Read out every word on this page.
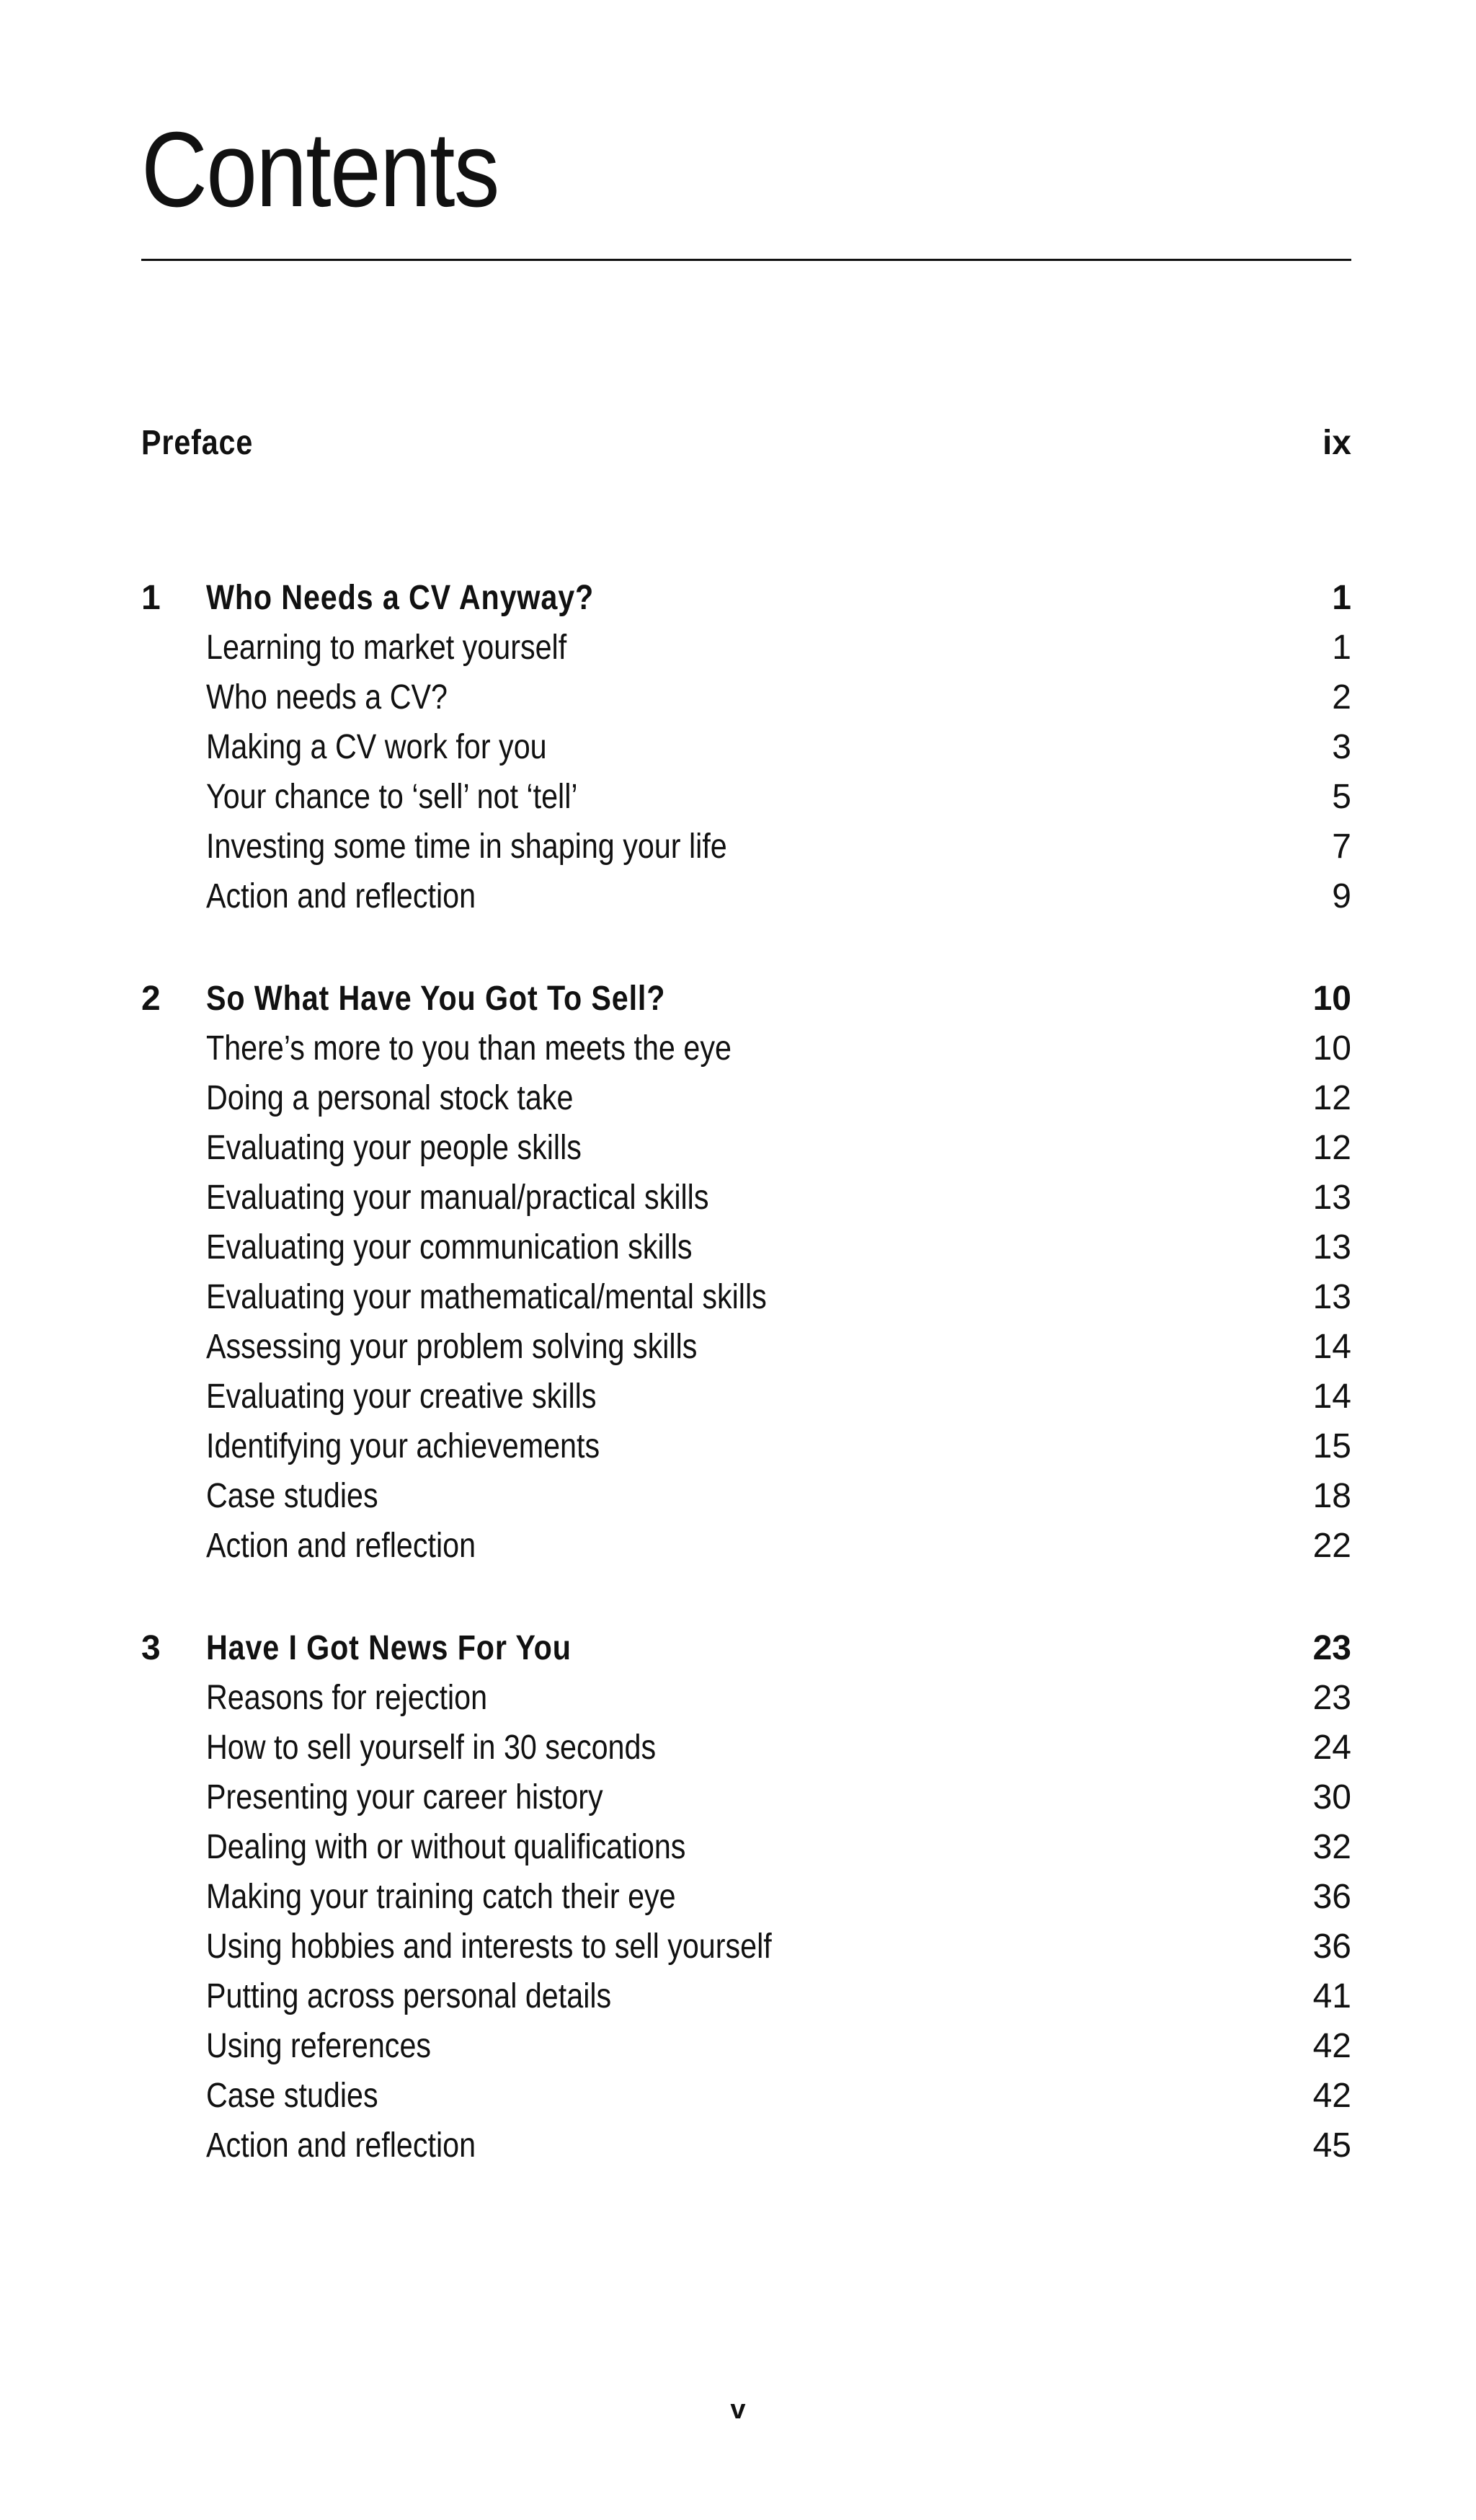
Contents
Preface	ix
1 Who Needs a CV Anyway?	1
Learning to market yourself	1
Who needs a CV?	2
Making a CV work for you	3
Your chance to ‘sell’ not ‘tell’	5
Investing some time in shaping your life	7
Action and reflection	9
2 So What Have You Got To Sell?	10
There’s more to you than meets the eye	10
Doing a personal stock take	12
Evaluating your people skills	12
Evaluating your manual/practical skills	13
Evaluating your communication skills	13
Evaluating your mathematical/mental skills	13
Assessing your problem solving skills	14
Evaluating your creative skills	14
Identifying your achievements	15
Case studies	18
Action and reflection	22
3 Have I Got News For You	23
Reasons for rejection	23
How to sell yourself in 30 seconds	24
Presenting your career history	30
Dealing with or without qualifications	32
Making your training catch their eye	36
Using hobbies and interests to sell yourself	36
Putting across personal details	41
Using references	42
Case studies	42
Action and reflection	45
v
